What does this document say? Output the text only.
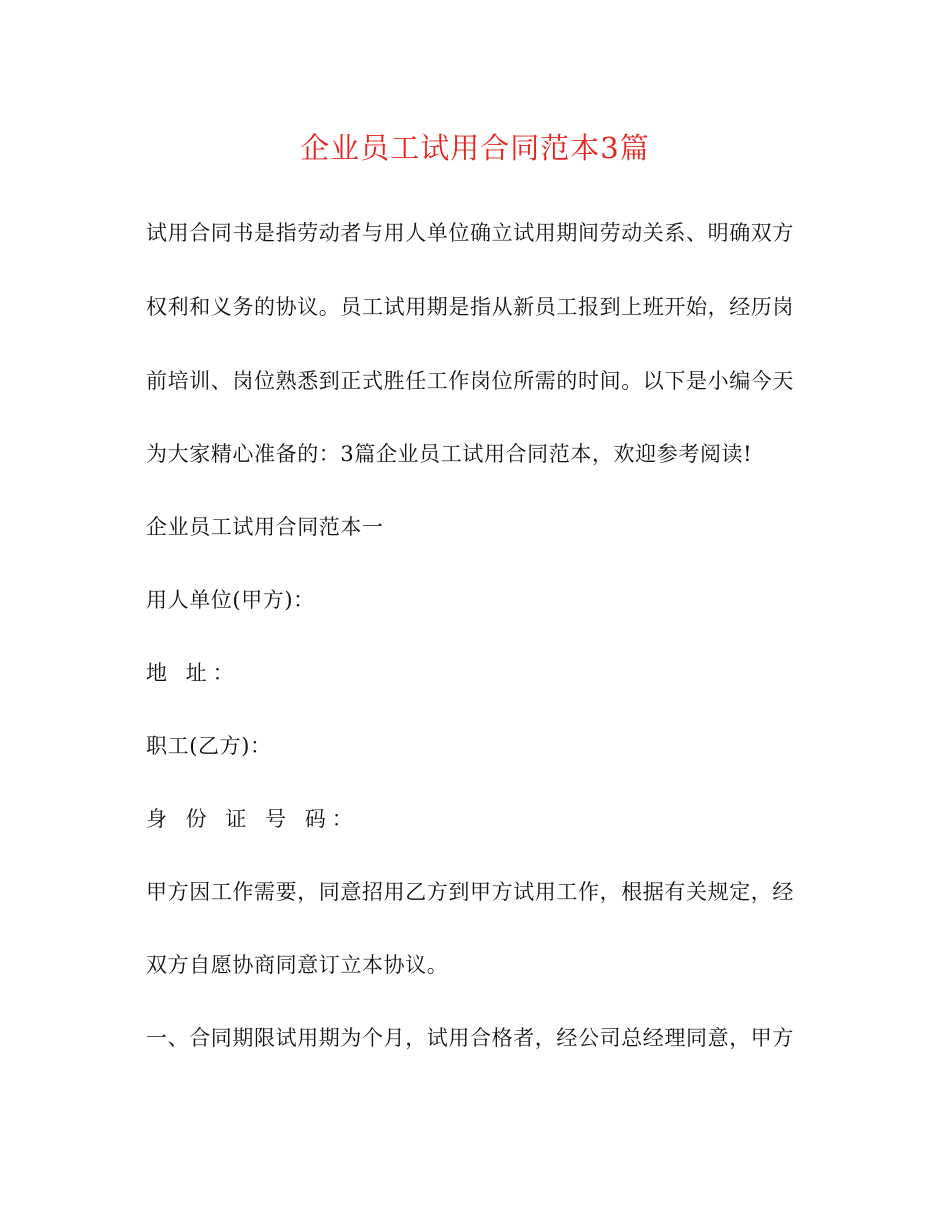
企业员工试用合同范本3篇
试用合同书是指劳动者与用人单位确立试用期间劳动关系、明确双方
权利和义务的协议。员工试用期是指从新员工报到上班开始，经历岗
前培训、岗位熟悉到正式胜任工作岗位所需的时间。以下是小编今天
为大家精心准备的：3篇企业员工试用合同范本，欢迎参考阅读!
企业员工试用合同范本一
用人单位(甲方)：
地 址：
职工(乙方)：
身 份 证 号 码：
甲方因工作需要，同意招用乙方到甲方试用工作，根据有关规定，经
双方自愿协商同意订立本协议。
一、合同期限试用期为个月，试用合格者，经公司总经理同意，甲方
